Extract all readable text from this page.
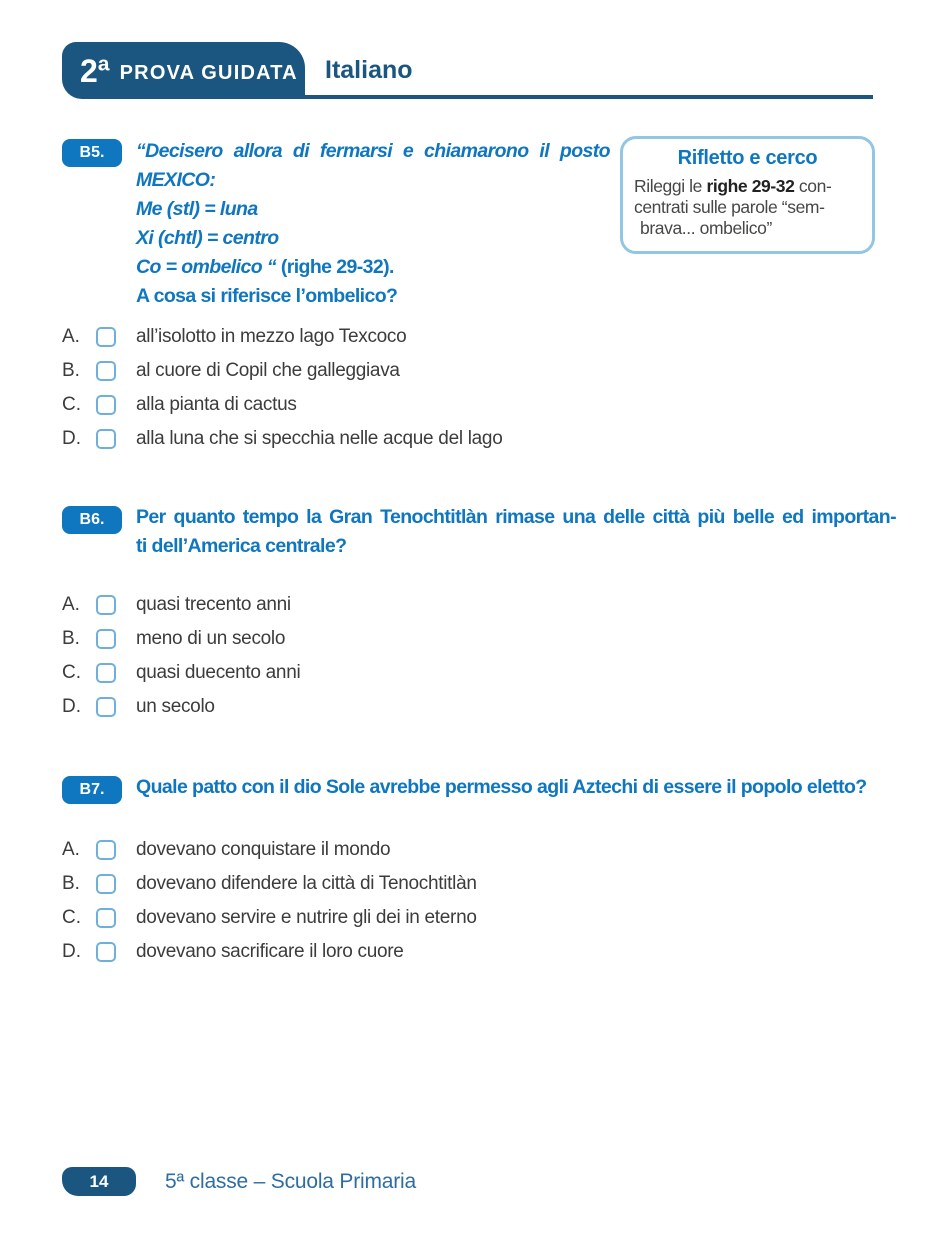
2ª PROVA GUIDATA Italiano
B5.	“Decisero allora di fermarsi e chiamarono il posto
MEXICO:
Me (stl) = luna
Xi (chtl) = centro
Co = ombelico “ (righe 29-32).
A cosa si riferisce l’ombelico?
A.	all’isolotto in mezzo lago Texcoco
B.	al cuore di Copil che galleggiava
C.	alla pianta di cactus
D.	alla luna che si specchia nelle acque del lago
Rifletto e cerco
Rileggi le righe 29-32 con-
centrati sulle parole “sem-
brava... ombelico”
B6.	Per quanto tempo la Gran Tenochtitlàn rimase una delle città più belle ed importan-
ti dell’America centrale?
A.	quasi trecento anni
B.	meno di un secolo
C.	quasi duecento anni
D.	un secolo
B7.	Quale patto con il dio Sole avrebbe permesso agli Aztechi di essere il popolo eletto?
A.	dovevano conquistare il mondo
B.	dovevano difendere la città di Tenochtitlàn
C.	dovevano servire e nutrire gli dei in eterno
D.	dovevano sacrificare il loro cuore
14	5ª classe – Scuola Primaria
